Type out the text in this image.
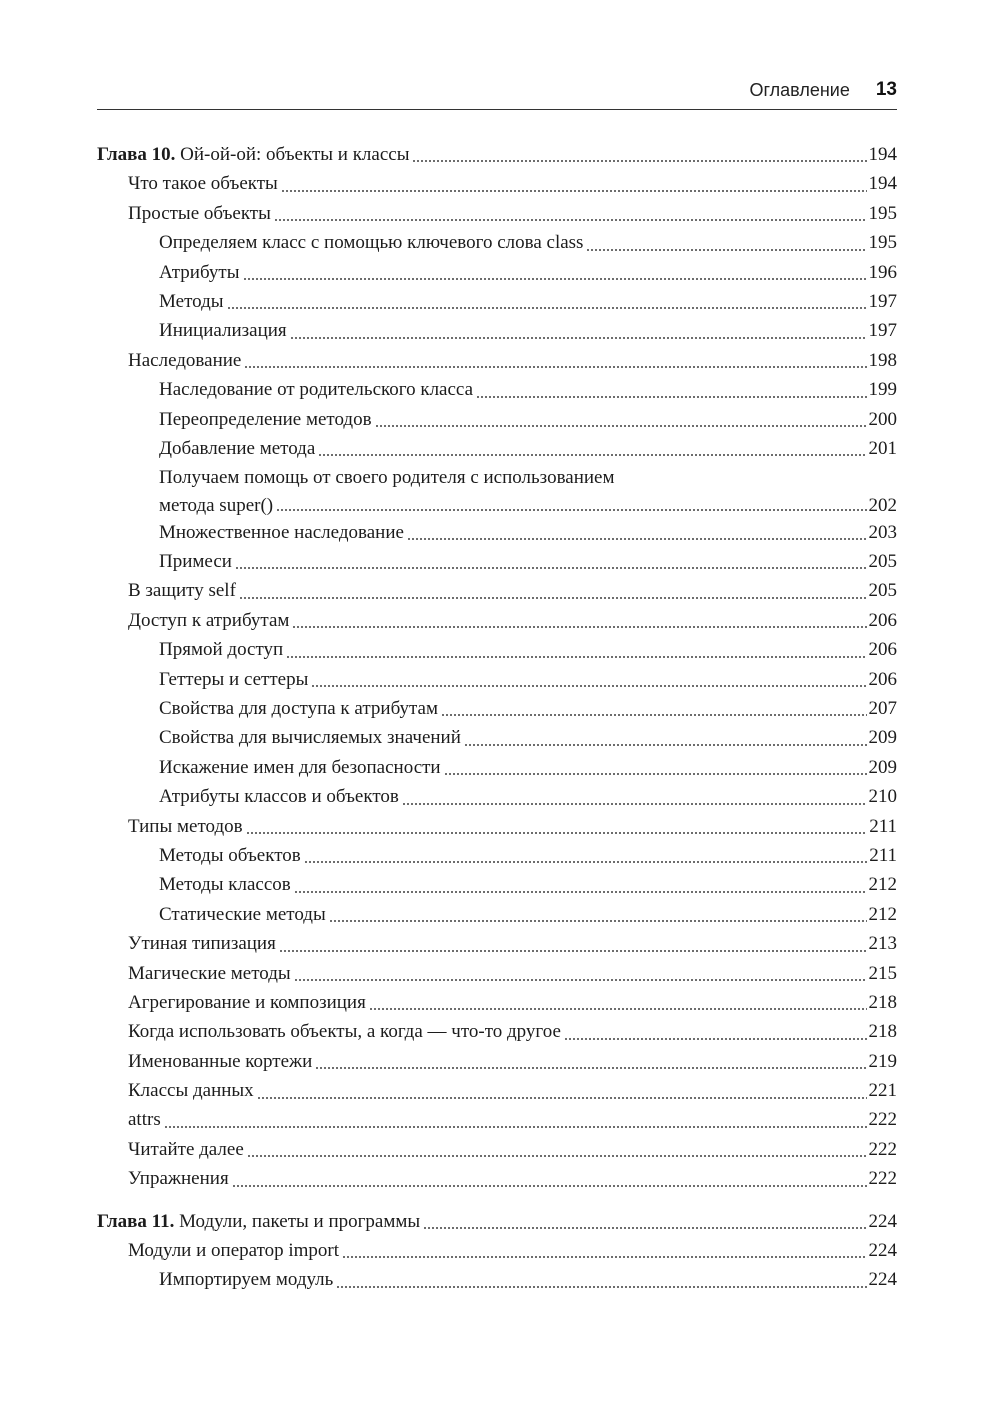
Оглавление 13
Глава 10. Ой-ой-ой: объекты и классы	194
Что такое объекты	194
Простые объекты	195
Определяем класс с помощью ключевого слова class	195
Атрибуты	196
Методы	197
Инициализация	197
Наследование	198
Наследование от родительского класса	199
Переопределение методов	200
Добавление метода	201
Получаем помощь от своего родителя с использованием
метода super()	202
Множественное наследование	203
Примеси	205
В защиту self	205
Доступ к атрибутам	206
Прямой доступ	206
Геттеры и сеттеры	206
Свойства для доступа к атрибутам	207
Свойства для вычисляемых значений	209
Искажение имен для безопасности	209
Атрибуты классов и объектов	210
Типы методов	211
Методы объектов	211
Методы классов	212
Статические методы	212
Утиная типизация	213
Магические методы	215
Агрегирование и композиция	218
Когда использовать объекты, а когда — что-то другое	218
Именованные кортежи	219
Классы данных	221
attrs	222
Читайте далее	222
Упражнения	222
Глава 11. Модули, пакеты и программы	224
Модули и оператор import	224
Импортируем модуль	224
